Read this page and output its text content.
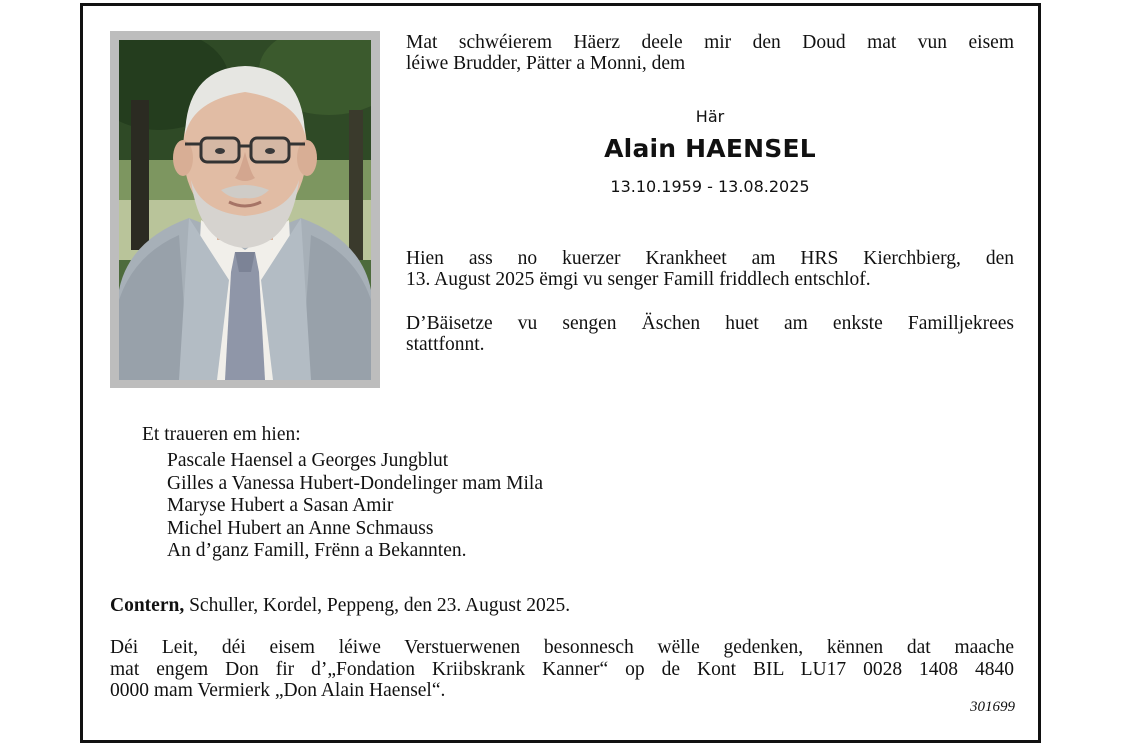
Mat schwéierem Häerz deele mir den Doud mat vun eisem
léiwe Brudder, Pätter a Monni, dem
Här
Alain HAENSEL
13.10.1959 - 13.08.2025
Hien ass no kuerzer Krankheet am HRS Kierchbierg, den
13. August 2025 ëmgi vu senger Famill friddlech entschlof.
D’Bäisetze vu sengen Äschen huet am enkste Familljekrees
stattfonnt.
Et traueren em hien:
Pascale Haensel a Georges Jungblut
Gilles a Vanessa Hubert-Dondelinger mam Mila
Maryse Hubert a Sasan Amir
Michel Hubert an Anne Schmauss
An d’ganz Famill, Frënn a Bekannten.
Contern, Schuller, Kordel, Peppeng, den 23. August 2025.
Déi Leit, déi eisem léiwe Verstuerwenen besonnesch wëlle gedenken, kënnen dat maache
mat engem Don fir d’„Fondation Kriibskrank Kanner“ op de Kont BIL LU17 0028 1408 4840
0000 mam Vermierk „Don Alain Haensel“.
301699
